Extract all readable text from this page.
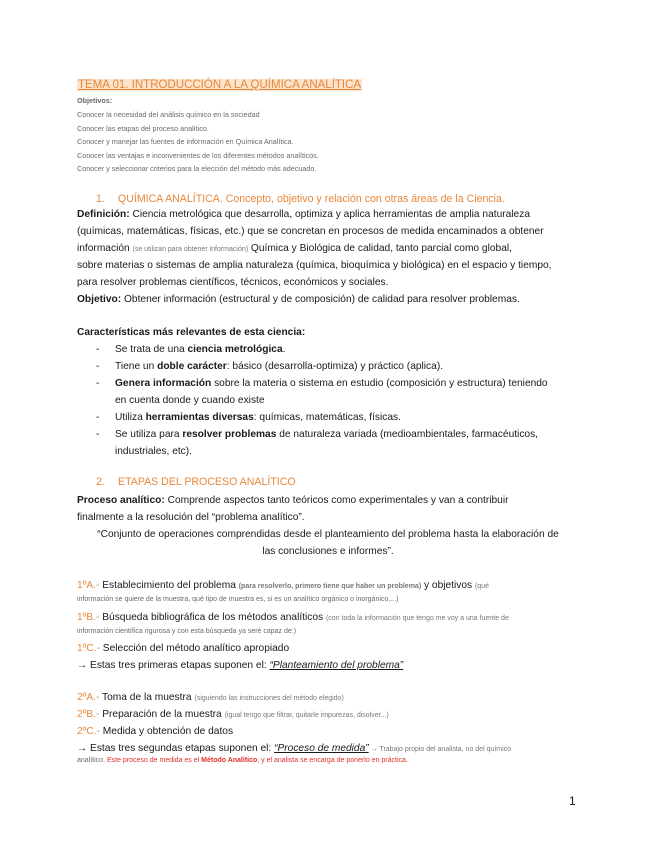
TEMA 01. INTRODUCCIÓN A LA QUÍMICA ANALÍTICA
Objetivos:
Conocer la necesidad del análisis químico en la sociedad
Conocer las etapas del proceso analítico.
Conocer y manejar las fuentes de información en Química Analítica.
Conocer las ventajas e inconvenientes de los diferentes métodos analíticos.
Conocer y seleccionar criterios para la elección del método más adecuado.
1. QUÍMICA ANALÍTICA. Concepto, objetivo y relación con otras áreas de la Ciencia.
Definición: Ciencia metrológica que desarrolla, optimiza y aplica herramientas de amplia naturaleza
(químicas, matemáticas, físicas, etc.) que se concretan en procesos de medida encaminados a obtener
información (se utilizan para obtener información) Química y Biológica de calidad, tanto parcial como global,
sobre materias o sistemas de amplia naturaleza (química, bioquímica y biológica) en el espacio y tiempo,
para resolver problemas científicos, técnicos, económicos y sociales.
Objetivo: Obtener información (estructural y de composición) de calidad para resolver problemas.
Características más relevantes de esta ciencia:
- Se trata de una ciencia metrológica.
- Tiene un doble carácter: básico (desarrolla-optimiza) y práctico (aplica).
- Genera información sobre la materia o sistema en estudio (composición y estructura) teniendo
en cuenta donde y cuando existe
- Utiliza herramientas diversas: químicas, matemáticas, físicas.
- Se utiliza para resolver problemas de naturaleza variada (medioambientales, farmacéuticos,
industriales, etc).
2. ETAPAS DEL PROCESO ANALÍTICO
Proceso analítico: Comprende aspectos tanto teóricos como experimentales y van a contribuir
finalmente a la resolución del “problema analítico”.
“Conjunto de operaciones comprendidas desde el planteamiento del problema hasta la elaboración de
las conclusiones e informes”.
1ºA.- Establecimiento del problema (para resolverlo, primero tiene que haber un problema) y objetivos (qué
información se quiere de la muestra, qué tipo de muestra es, si es un analítico orgánico o inorgánico,...)
1ºB.- Búsqueda bibliográfica de los métodos analíticos (con toda la información que tengo me voy a una fuente de
información científica rigurosa y con esta búsqueda ya seré capaz de:)
1ºC.- Selección del método analítico apropiado
→ Estas tres primeras etapas suponen el: “Planteamiento del problema”
2ºA.- Toma de la muestra (siguiendo las instrucciones del método elegido)
2ºB.- Preparación de la muestra (igual tengo que filtrar, quitarle impurezas, disolver...)
2ºC.- Medida y obtención de datos
→ Estas tres segundas etapas suponen el: “Proceso de medida” → Trabajo propio del analista, no del químico
analítico. Este proceso de medida es el Método Analítico, y el analista se encarga de ponerlo en práctica.
1
